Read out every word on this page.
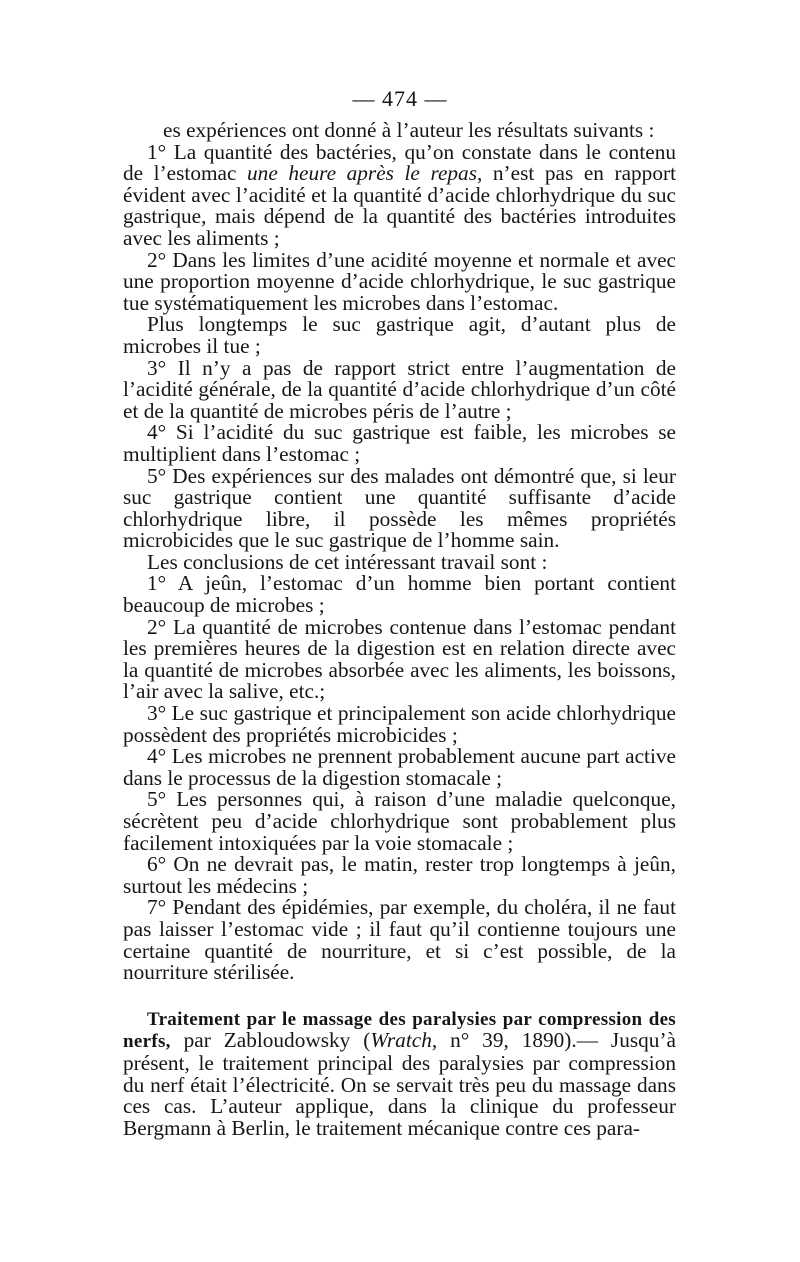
— 474 —

es expériences ont donné à l’auteur les résultats suivants :

1° La quantité des bactéries, qu’on constate dans le contenu de l’estomac une heure après le repas, n’est pas en rapport évident avec l’acidité et la quantité d’acide chlorhydrique du suc gastrique, mais dépend de la quantité des bactéries introduites avec les aliments ;

2° Dans les limites d’une acidité moyenne et normale et avec une proportion moyenne d’acide chlorhydrique, le suc gastrique tue systématiquement les microbes dans l’estomac.

Plus longtemps le suc gastrique agit, d’autant plus de microbes il tue ;

3° Il n’y a pas de rapport strict entre l’augmentation de l’acidité générale, de la quantité d’acide chlorhydrique d’un côté et de la quantité de microbes péris de l’autre ;

4° Si l’acidité du suc gastrique est faible, les microbes se multiplient dans l’estomac ;

5° Des expériences sur des malades ont démontré que, si leur suc gastrique contient une quantité suffisante d’acide chlorhydrique libre, il possède les mêmes propriétés microbicides que le suc gastrique de l’homme sain.

Les conclusions de cet intéressant travail sont :

1° A jeûn, l’estomac d’un homme bien portant contient beaucoup de microbes ;

2° La quantité de microbes contenue dans l’estomac pendant les premières heures de la digestion est en relation directe avec la quantité de microbes absorbée avec les aliments, les boissons, l’air avec la salive, etc.;

3° Le suc gastrique et principalement son acide chlorhydrique possèdent des propriétés microbicides ;

4° Les microbes ne prennent probablement aucune part active dans le processus de la digestion stomacale ;

5° Les personnes qui, à raison d’une maladie quelconque, sécrètent peu d’acide chlorhydrique sont probablement plus facilement intoxiquées par la voie stomacale ;

6° On ne devrait pas, le matin, rester trop longtemps à jeûn, surtout les médecins ;

7° Pendant des épidémies, par exemple, du choléra, il ne faut pas laisser l’estomac vide ; il faut qu’il contienne toujours une certaine quantité de nourriture, et si c’est possible, de la nourriture stérilisée.

Traitement par le massage des paralysies par compression des nerfs, par Zabloudowsky (Wratch, n° 39, 1890).— Jusqu’à présent, le traitement principal des paralysies par compression du nerf était l’électricité. On se servait très peu du massage dans ces cas. L’auteur applique, dans la clinique du professeur Bergmann à Berlin, le traitement mécanique contre ces para-
